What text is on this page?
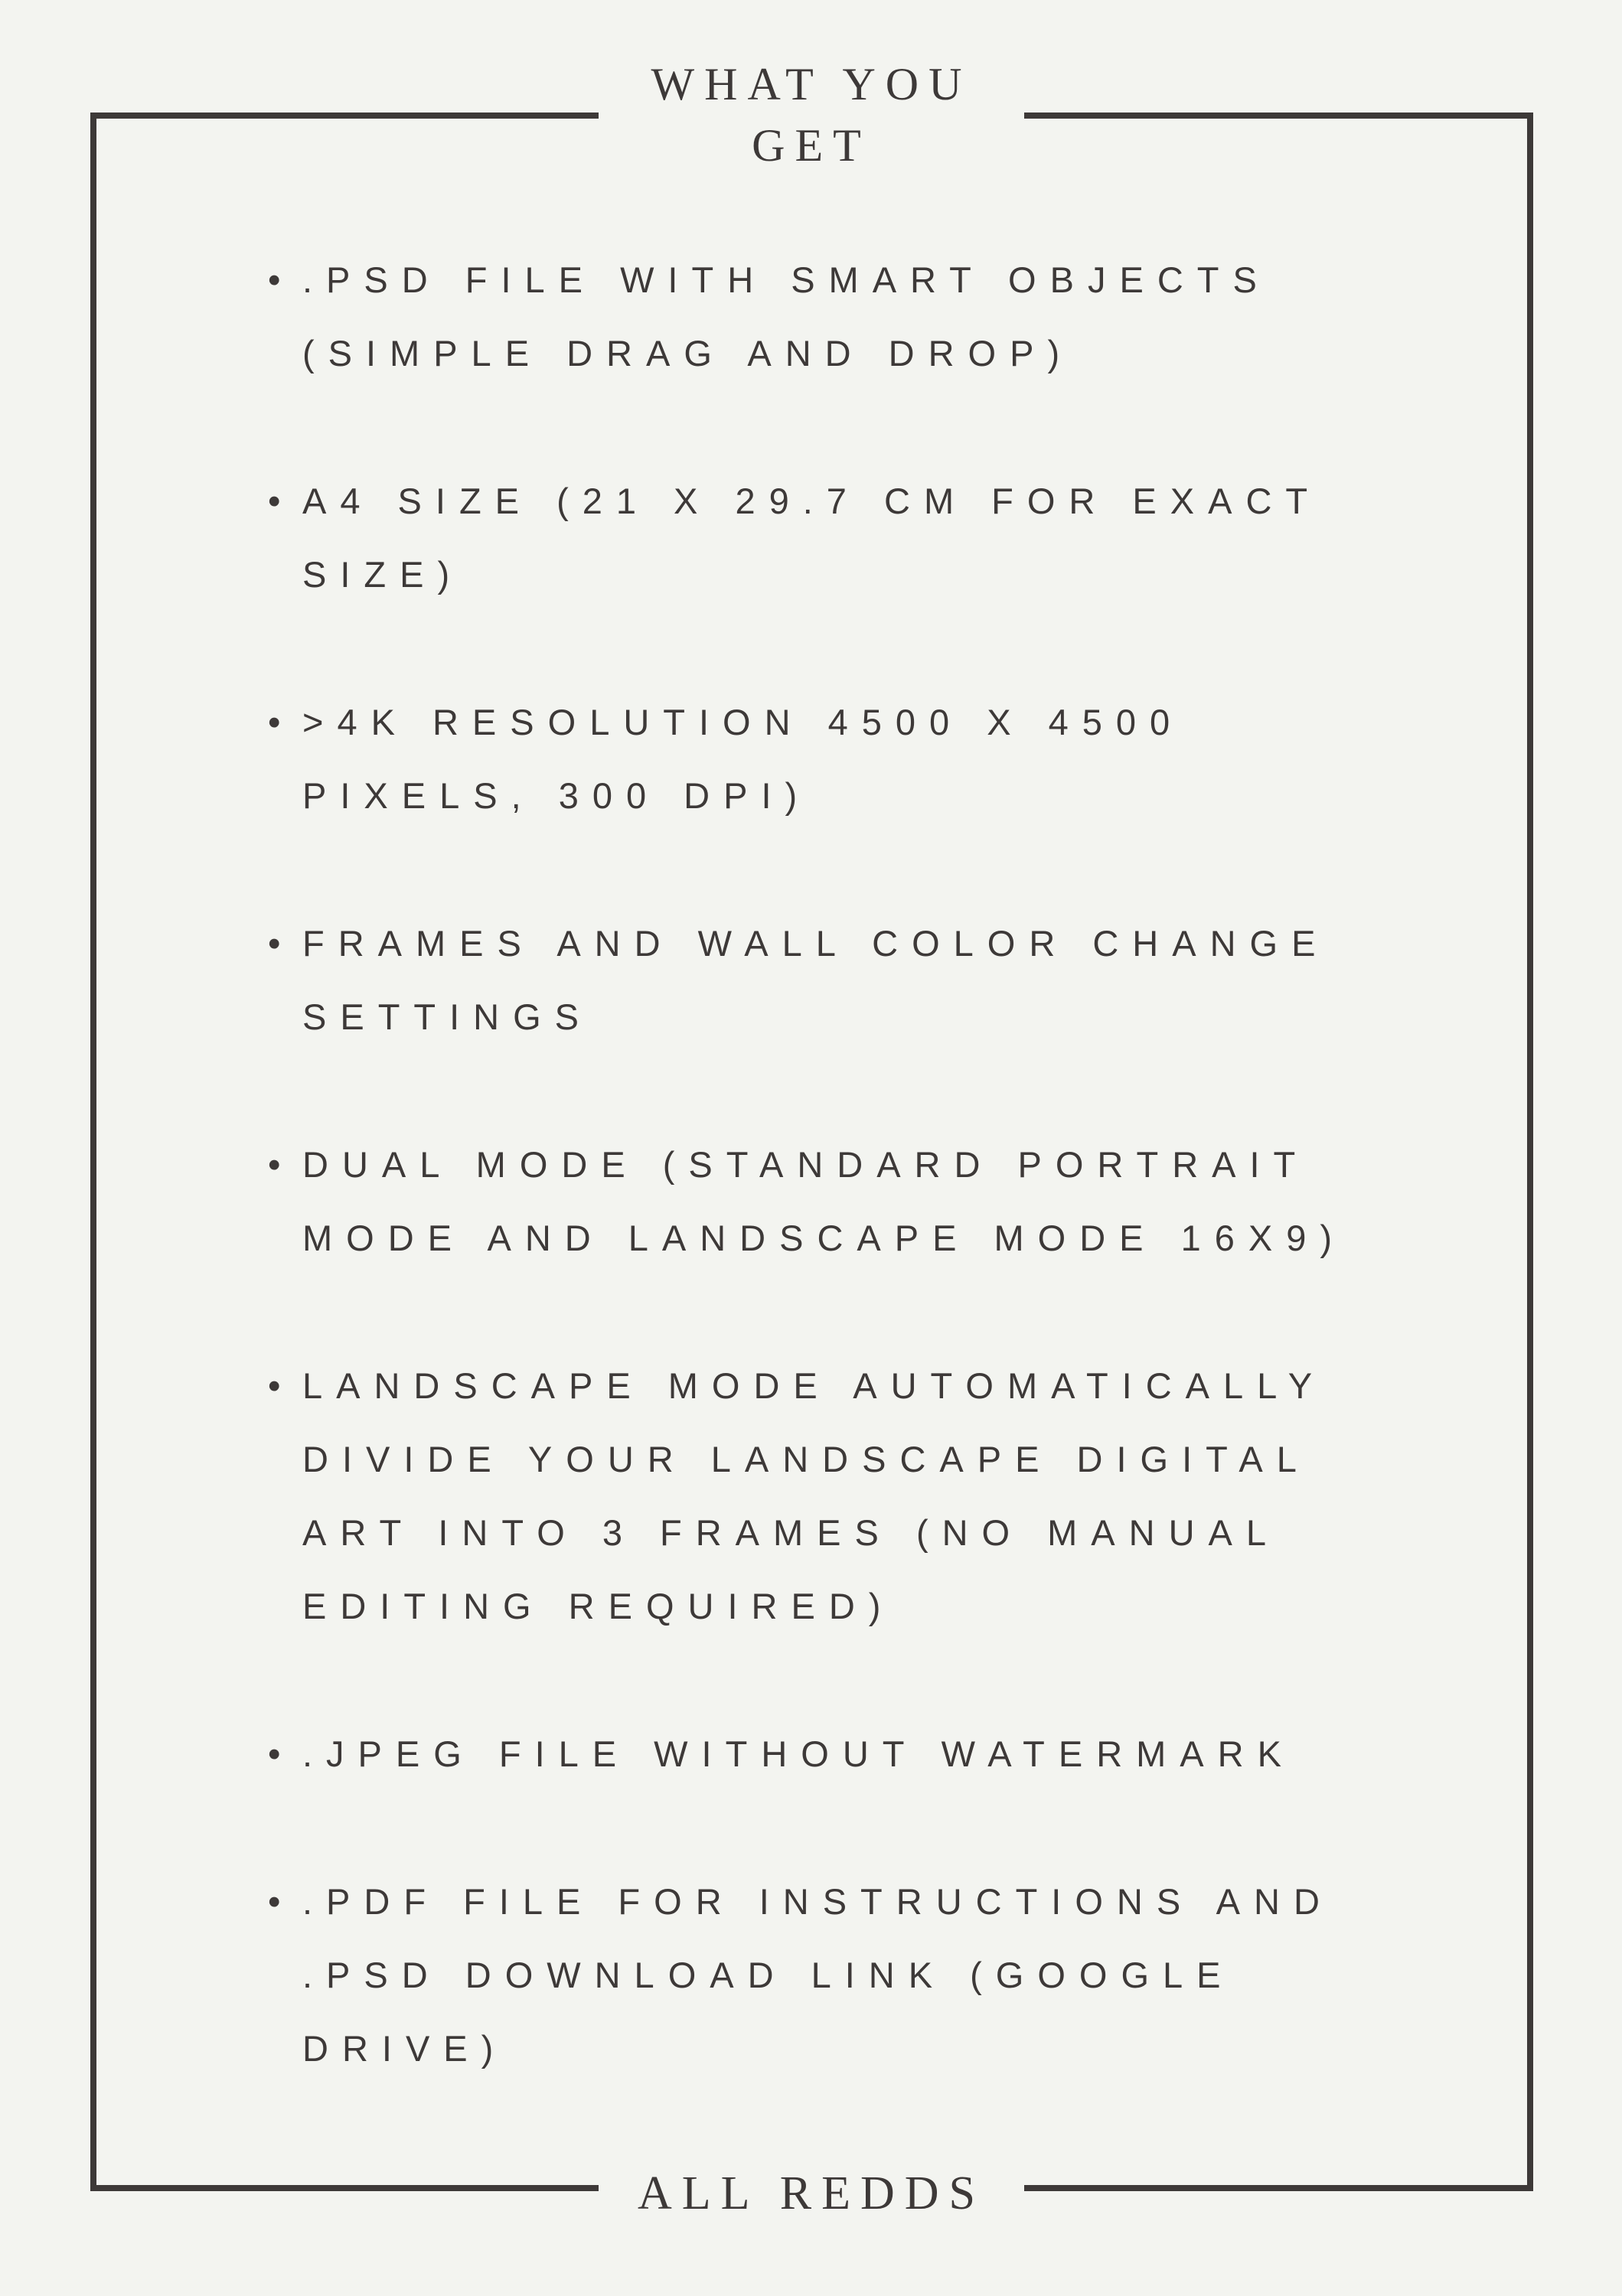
WHAT YOU GET
• .PSD FILE WITH SMART OBJECTS (SIMPLE DRAG AND DROP)
• A4 SIZE (21 X 29.7 CM FOR EXACT SIZE)
• >4K RESOLUTION 4500 X 4500 PIXELS, 300 DPI)
• FRAMES AND WALL COLOR CHANGE SETTINGS
• DUAL MODE (STANDARD PORTRAIT MODE AND LANDSCAPE MODE 16X9)
• LANDSCAPE MODE AUTOMATICALLY DIVIDE YOUR LANDSCAPE DIGITAL ART INTO 3 FRAMES (NO MANUAL EDITING REQUIRED)
• .JPEG FILE WITHOUT WATERMARK
• .PDF FILE FOR INSTRUCTIONS AND .PSD DOWNLOAD LINK (GOOGLE DRIVE)
ALL REDDS
